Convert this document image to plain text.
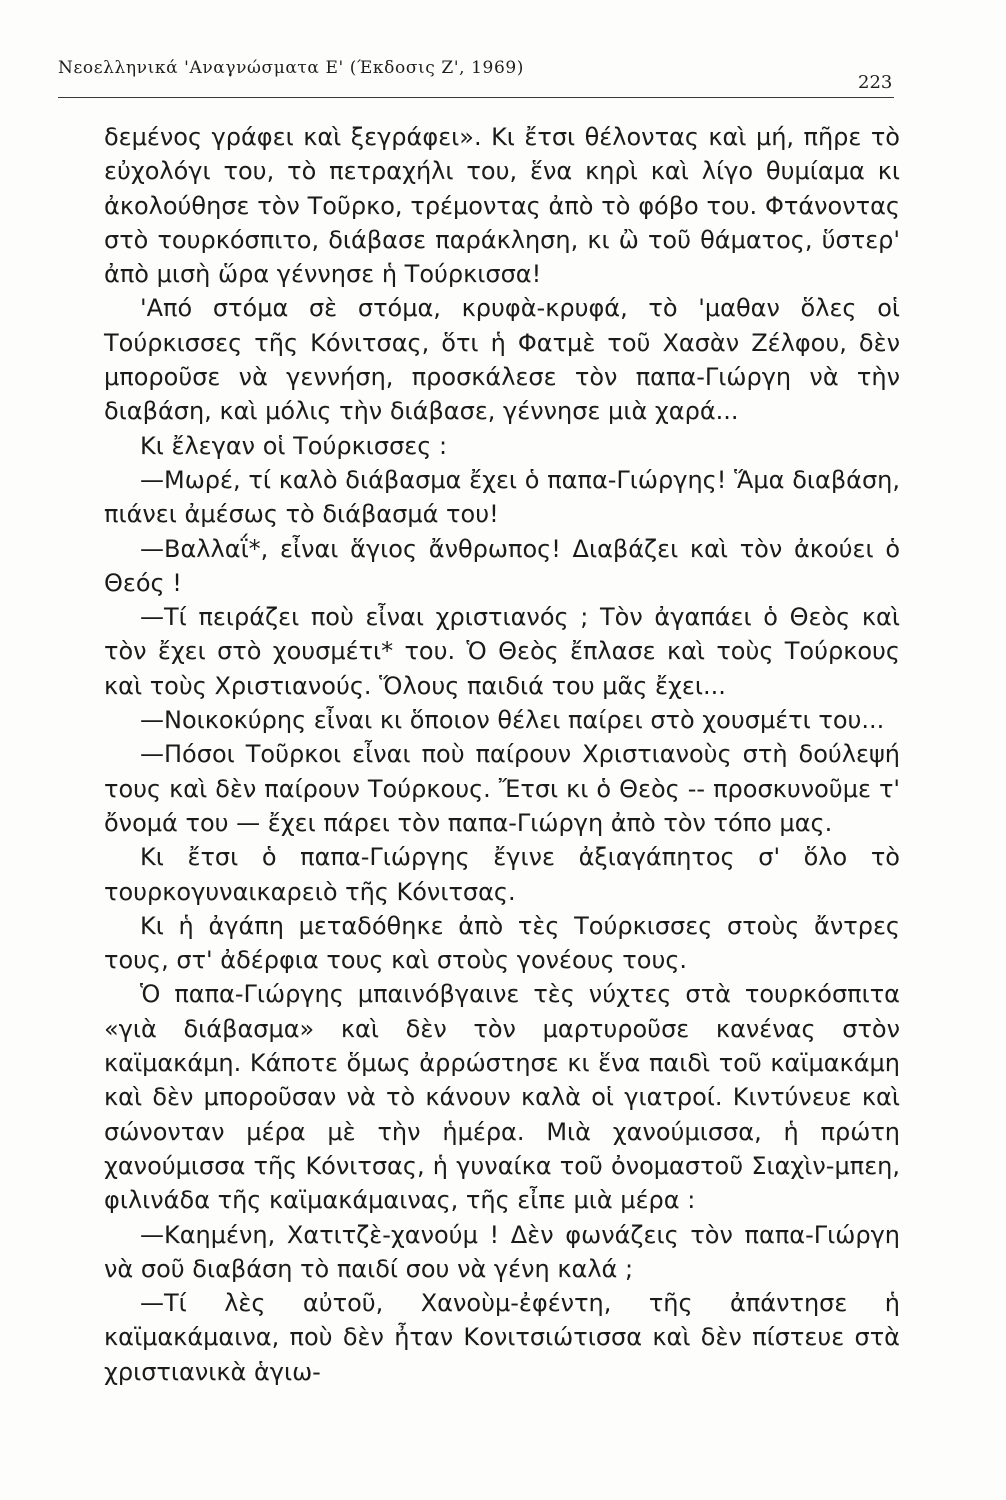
Νεοελληνικά 'Αναγνώσματα Ε' (Έκδοσις Ζ', 1969)
223

δεμένος γράφει καὶ ξεγράφει». Κι ἔτσι θέλοντας καὶ μή, πῆρε τὸ εὐχολόγι του, τὸ πετραχήλι του, ἕνα κηρὶ καὶ λίγο θυμίαμα κι ἀκολούθησε τὸν Τοῦρκο, τρέμοντας ἀπὸ τὸ φόβο του. Φτάνοντας στὸ τουρκόσπιτο, διάβασε παράκληση, κι ὢ τοῦ θάματος, ὕστερ' ἀπὸ μισὴ ὥρα γέννησε ἡ Τούρκισσα!

'Από στόμα σὲ στόμα, κρυφὰ-κρυφά, τὸ 'μαθαν ὅλες οἱ Τούρκισσες τῆς Κόνιτσας, ὅτι ἡ Φατμὲ τοῦ Χασὰν Ζέλφου, δὲν μποροῦσε νὰ γεννήση, προσκάλεσε τὸν παπα-Γιώργη νὰ τὴν διαβάση, καὶ μόλις τὴν διάβασε, γέννησε μιὰ χαρά...

Κι ἔλεγαν οἱ Τούρκισσες :

—Μωρέ, τί καλὸ διάβασμα ἔχει ὁ παπα-Γιώργης! Ἅμα διαβάση, πιάνει ἀμέσως τὸ διάβασμά του!

—Βαλλαΐ*, εἶναι ἅγιος ἄνθρωπος! Διαβάζει καὶ τὸν ἀκούει ὁ Θεός !

—Τί πειράζει ποὺ εἶναι χριστιανός ; Τὸν ἀγαπάει ὁ Θεὸς καὶ τὸν ἔχει στὸ χουσμέτι* του. Ὁ Θεὸς ἔπλασε καὶ τοὺς Τούρκους καὶ τοὺς Χριστιανούς. Ὅλους παιδιά του μᾶς ἔχει...

—Νοικοκύρης εἶναι κι ὅποιον θέλει παίρει στὸ χουσμέτι του...

—Πόσοι Τοῦρκοι εἶναι ποὺ παίρουν Χριστιανοὺς στὴ δούλεψή τους καὶ δὲν παίρουν Τούρκους. Ἔτσι κι ὁ Θεὸς -- προσκυνοῦμε τ' ὄνομά του — ἔχει πάρει τὸν παπα-Γιώργη ἀπὸ τὸν τόπο μας.

Κι ἔτσι ὁ παπα-Γιώργης ἔγινε ἀξιαγάπητος σ' ὅλο τὸ τουρκογυναικαρειὸ τῆς Κόνιτσας.

Κι ἡ ἀγάπη μεταδόθηκε ἀπὸ τὲς Τούρκισσες στοὺς ἄντρες τους, στ' ἀδέρφια τους καὶ στοὺς γονέους τους.

Ὁ παπα-Γιώργης μπαινόβγαινε τὲς νύχτες στὰ τουρκόσπιτα «γιὰ διάβασμα» καὶ δὲν τὸν μαρτυροῦσε κανένας στὸν καϊμακάμη. Κάποτε ὅμως ἀρρώστησε κι ἕνα παιδὶ τοῦ καϊμακάμη καὶ δὲν μποροῦσαν νὰ τὸ κάνουν καλὰ οἱ γιατροί. Κιντύνευε καὶ σώνονταν μέρα μὲ τὴν ἡμέρα. Μιὰ χανούμισσα, ἡ πρώτη χανούμισσα τῆς Κόνιτσας, ἡ γυναίκα τοῦ ὀνομαστοῦ Σιαχὶν-μπεη, φιλινάδα τῆς καϊμακάμαινας, τῆς εἶπε μιὰ μέρα :

—Καημένη, Χατιτζὲ-χανούμ ! Δὲν φωνάζεις τὸν παπα-Γιώργη νὰ σοῦ διαβάση τὸ παιδί σου νὰ γένη καλά ;

—Τί λὲς αὐτοῦ, Χανοὺμ-ἐφέντη, τῆς ἀπάντησε ἡ καϊμακάμαινα, ποὺ δὲν ἦταν Κονιτσιώτισσα καὶ δὲν πίστευε στὰ χριστιανικὰ ἁγιω-
